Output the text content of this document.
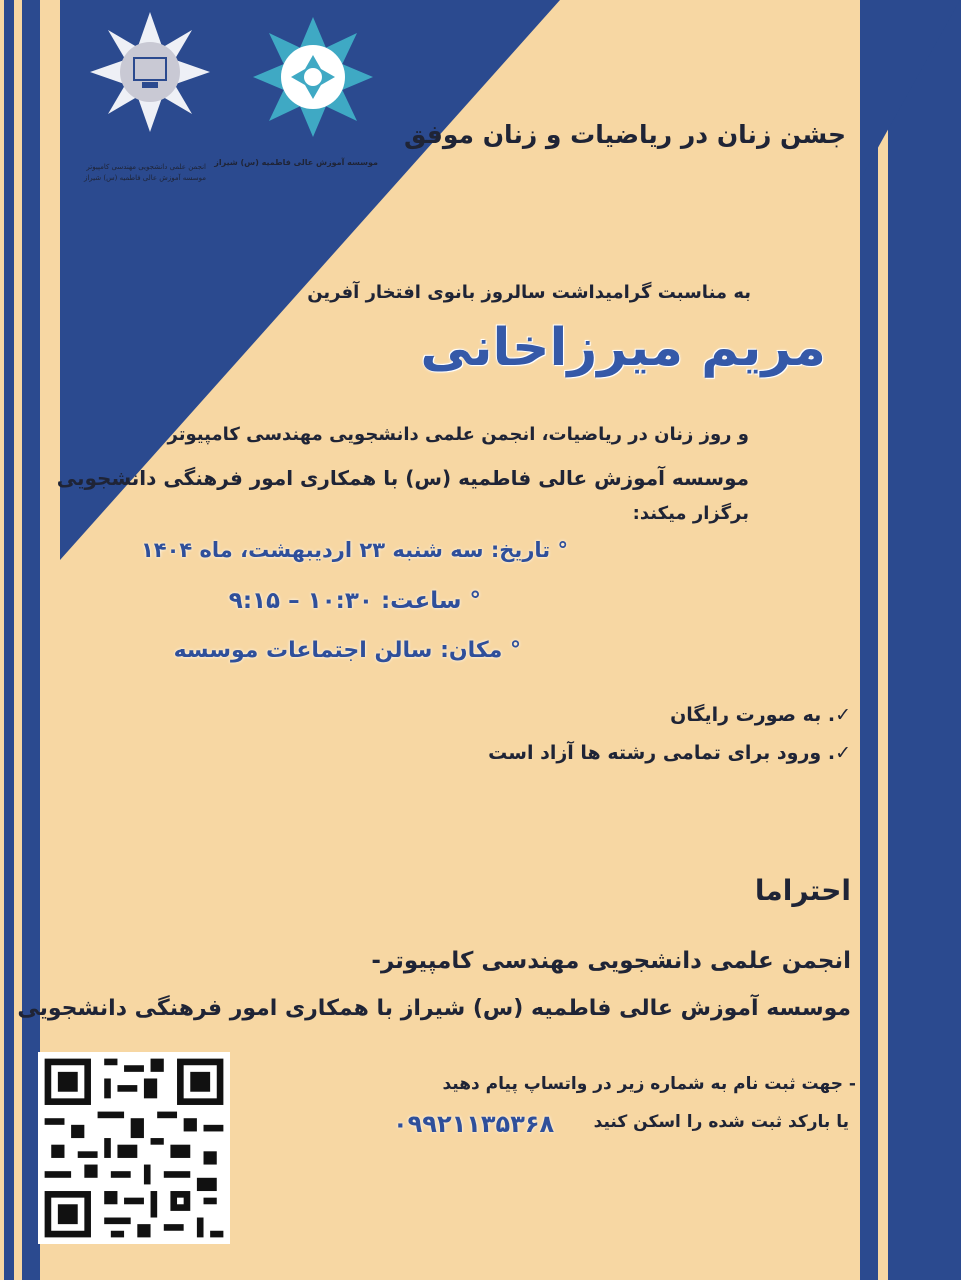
انجمن علمی دانشجویی مهندسی کامپیوتر
موسسه آموزش عالی فاطمیه (س) شیراز
موسسه آموزش عالی فاطمیه (س) شیراز
جشن زنان در ریاضیات و زنان موفق
به مناسبت گرامیداشت سالروز بانوی افتخار آفرین
مریم میرزاخانی
و روز زنان در ریاضیات، انجمن علمی دانشجویی مهندسی کامپیوتر
موسسه آموزش عالی فاطمیه (س) با همکاری امور فرهنگی دانشجویی
برگزار میکند:
° تاریخ: سه شنبه ۲۳ اردیبهشت، ماه ۱۴۰۴
° ساعت: ۱۰:۳۰ – ۹:۱۵
° مکان: سالن اجتماعات موسسه
✓. به صورت رایگان
✓. ورود برای تمامی رشته ها آزاد است
احتراما
انجمن علمی دانشجویی مهندسی کامپیوتر-
موسسه آموزش عالی فاطمیه (س) شیراز با همکاری امور فرهنگی دانشجویی
- جهت ثبت نام به شماره زیر در واتساپ پیام دهید
یا بارکد ثبت شده را اسکن کنید
۰۹۹۲۱۱۳۵۳۶۸
